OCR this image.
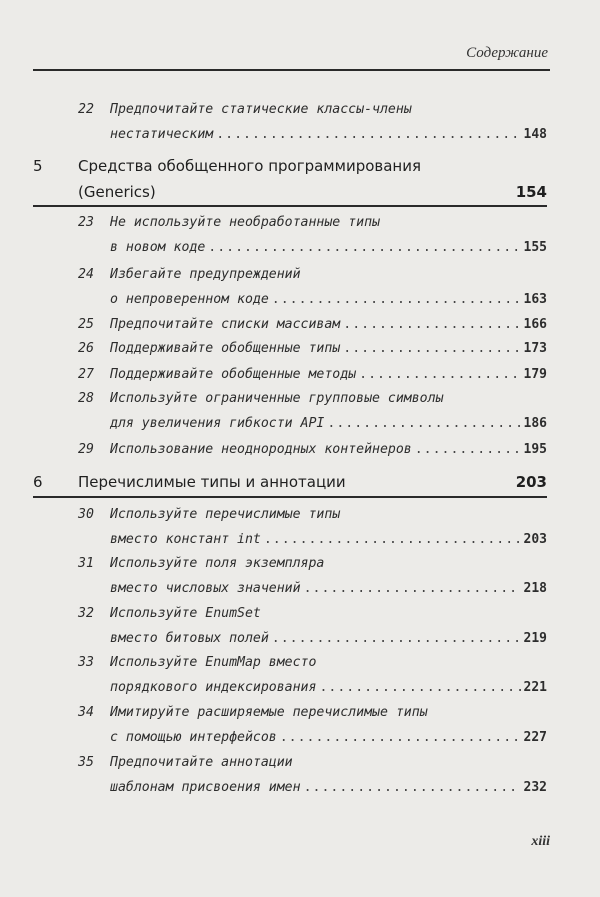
Содержание
22 Предпочитайте статические классы-члены
нестатическим .....	148
5	Средства обобщенного программирования
(Generics)	154
23 Не используйте необработанные типы
в новом коде .....	155
24 Избегайте предупреждений
о непроверенном коде .....	163
25	Предпочитайте списки массивам .....	166
26	Поддерживайте обобщенные типы .....	173
27	Поддерживайте обобщенные методы .....	179
28 Используйте ограниченные групповые символы
для увеличения гибкости API .....	186
29	Использование неоднородных контейнеров .....	195
6	Перечислимые типы и аннотации	203
30 Используйте перечислимые типы
вместо констант int .....	203
31 Используйте поля экземпляра
вместо числовых значений .....	218
32 Используйте EnumSet
вместо битовых полей .....	219
33 Используйте EnumMap вместо
порядкового индексирования .....	221
34 Имитируйте расширяемые перечислимые типы
с помощью интерфейсов .....	227
35 Предпочитайте аннотации
шаблонам присвоения имен .....	232
xiii
